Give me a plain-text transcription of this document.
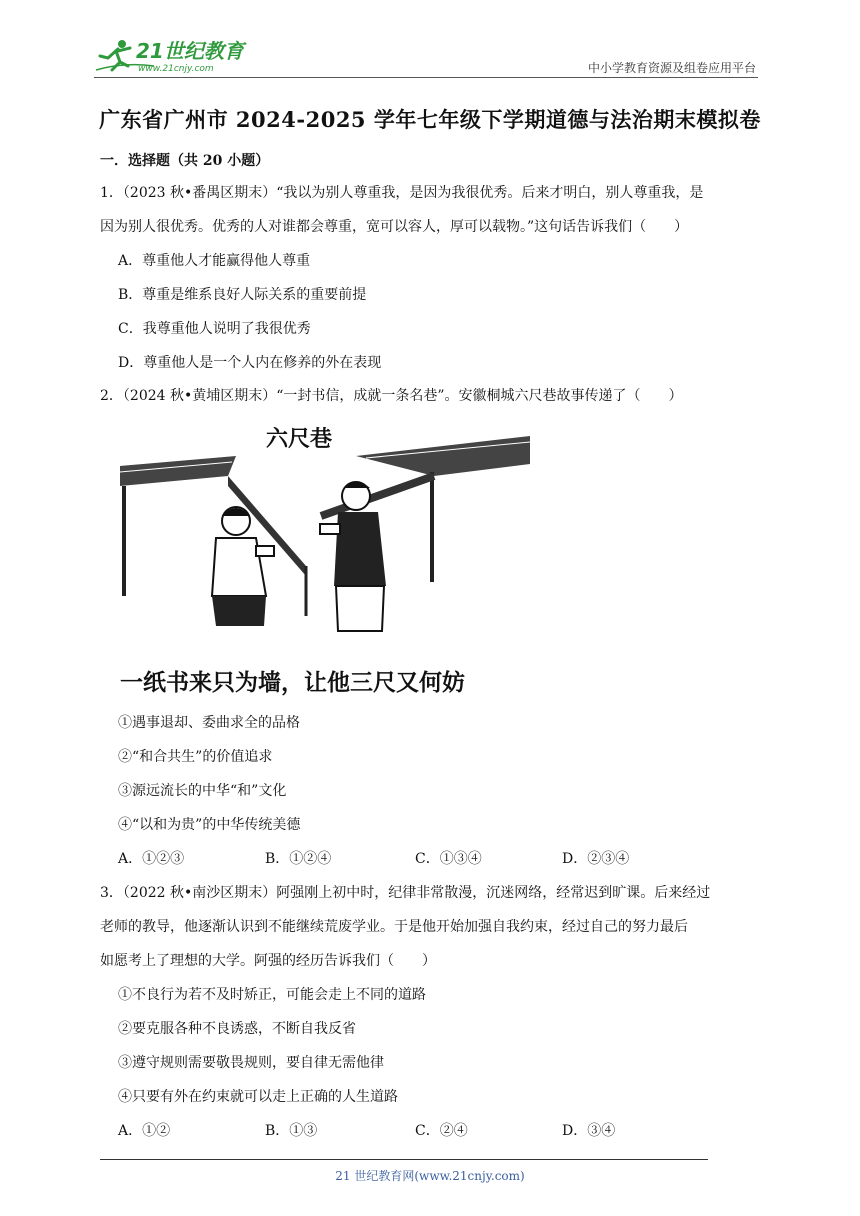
21世纪教育
www.21cnjy.com	中小学教育资源及组卷应用平台
广东省广州市 2024-2025 学年七年级下学期道德与法治期末模拟卷
一．选择题（共 20 小题）
1．（2023 秋•番禺区期末）“我以为别人尊重我，是因为我很优秀。后来才明白，别人尊重我，是
因为别人很优秀。优秀的人对谁都会尊重，宽可以容人，厚可以载物。”这句话告诉我们（　　）
A．尊重他人才能赢得他人尊重
B．尊重是维系良好人际关系的重要前提
C．我尊重他人说明了我很优秀
D．尊重他人是一个人内在修养的外在表现
2．（2024 秋•黄埔区期末）“一封书信，成就一条名巷”。安徽桐城六尺巷故事传递了（　　）
①遇事退却、委曲求全的品格
②“和合共生”的价值追求
③源远流长的中华“和”文化
④“以和为贵”的中华传统美德
A．①②③	B．①②④	C．①③④	D．②③④
3．（2022 秋•南沙区期末）阿强刚上初中时，纪律非常散漫，沉迷网络，经常迟到旷课。后来经过
老师的教导，他逐渐认识到不能继续荒废学业。于是他开始加强自我约束，经过自己的努力最后
如愿考上了理想的大学。阿强的经历告诉我们（　　）
①不良行为若不及时矫正，可能会走上不同的道路
②要克服各种不良诱惑，不断自我反省
③遵守规则需要敬畏规则，要自律无需他律
④只要有外在约束就可以走上正确的人生道路
A．①②	B．①③	C．②④	D．③④
六尺巷
一纸书来只为墙，让他三尺又何妨
21 世纪教育网(www.21cnjy.com)
